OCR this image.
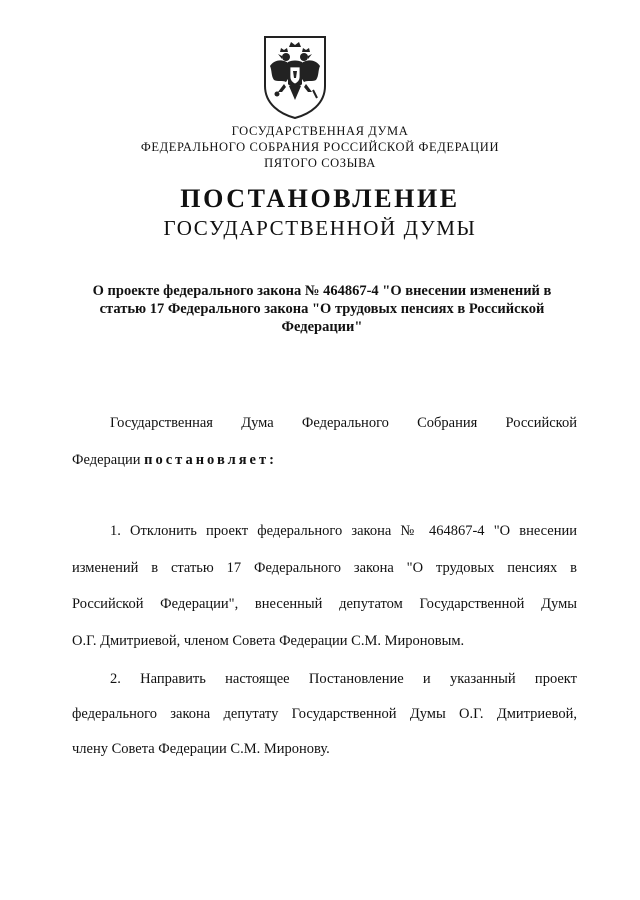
ГОСУДАРСТВЕННАЯ ДУМА
ФЕДЕРАЛЬНОГО СОБРАНИЯ РОССИЙСКОЙ ФЕДЕРАЦИИ
ПЯТОГО СОЗЫВА
ПОСТАНОВЛЕНИЕ
ГОСУДАРСТВЕННОЙ ДУМЫ
О проекте федерального закона № 464867-4 "О внесении изменений в
статью 17 Федерального закона "О трудовых пенсиях в Российской
Федерации"
Государственная Дума Федерального Собрания Российской
Федерации постановляет:
1. Отклонить проект федерального закона № 464867-4 "О внесении
изменений в статью 17 Федерального закона "О трудовых пенсиях в
Российской Федерации", внесенный депутатом Государственной Думы
О.Г. Дмитриевой, членом Совета Федерации С.М. Мироновым.
2. Направить настоящее Постановление и указанный проект
федерального закона депутату Государственной Думы О.Г. Дмитриевой,
члену Совета Федерации С.М. Миронову.
